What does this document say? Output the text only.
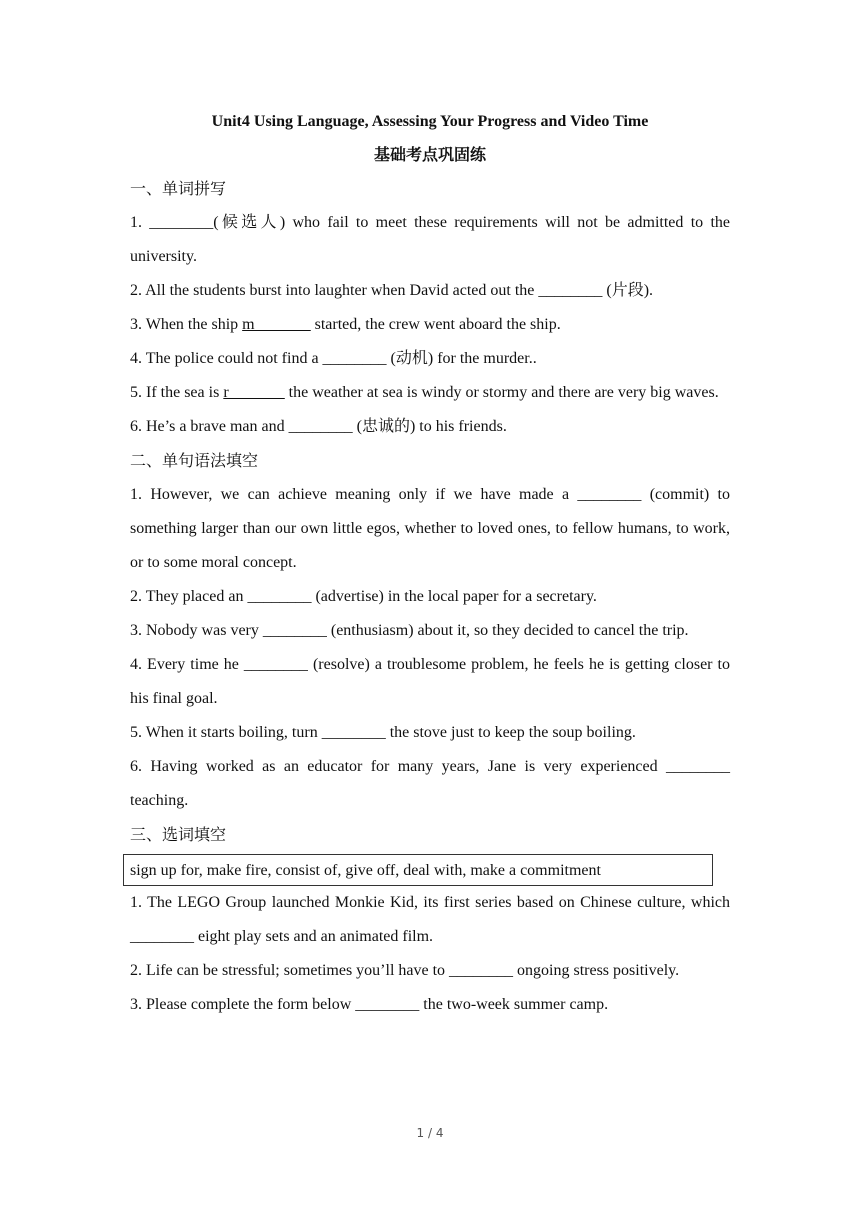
Unit4 Using Language, Assessing Your Progress and Video Time
基础考点巩固练
一、单词拼写
1. ________(候选人) who fail to meet these requirements will not be admitted to the university.
2. All the students burst into laughter when David acted out the ________ (片段).
3. When the ship m_______ started, the crew went aboard the ship.
4. The police could not find a ________ (动机) for the murder..
5. If the sea is r_______ the weather at sea is windy or stormy and there are very big waves.
6. He’s a brave man and ________ (忠诚的) to his friends.
二、单句语法填空
1. However, we can achieve meaning only if we have made a ________ (commit) to something larger than our own little egos, whether to loved ones, to fellow humans, to work, or to some moral concept.
2. They placed an ________ (advertise) in the local paper for a secretary.
3. Nobody was very ________ (enthusiasm) about it, so they decided to cancel the trip.
4. Every time he ________ (resolve) a troublesome problem, he feels he is getting closer to his final goal.
5. When it starts boiling, turn ________ the stove just to keep the soup boiling.
6. Having worked as an educator for many years, Jane is very experienced ________ teaching.
三、选词填空
sign up for, make fire, consist of, give off, deal with, make a commitment
1. The LEGO Group launched Monkie Kid, its first series based on Chinese culture, which ________ eight play sets and an animated film.
2. Life can be stressful; sometimes you’ll have to ________ ongoing stress positively.
3. Please complete the form below ________ the two-week summer camp.
1 / 4
